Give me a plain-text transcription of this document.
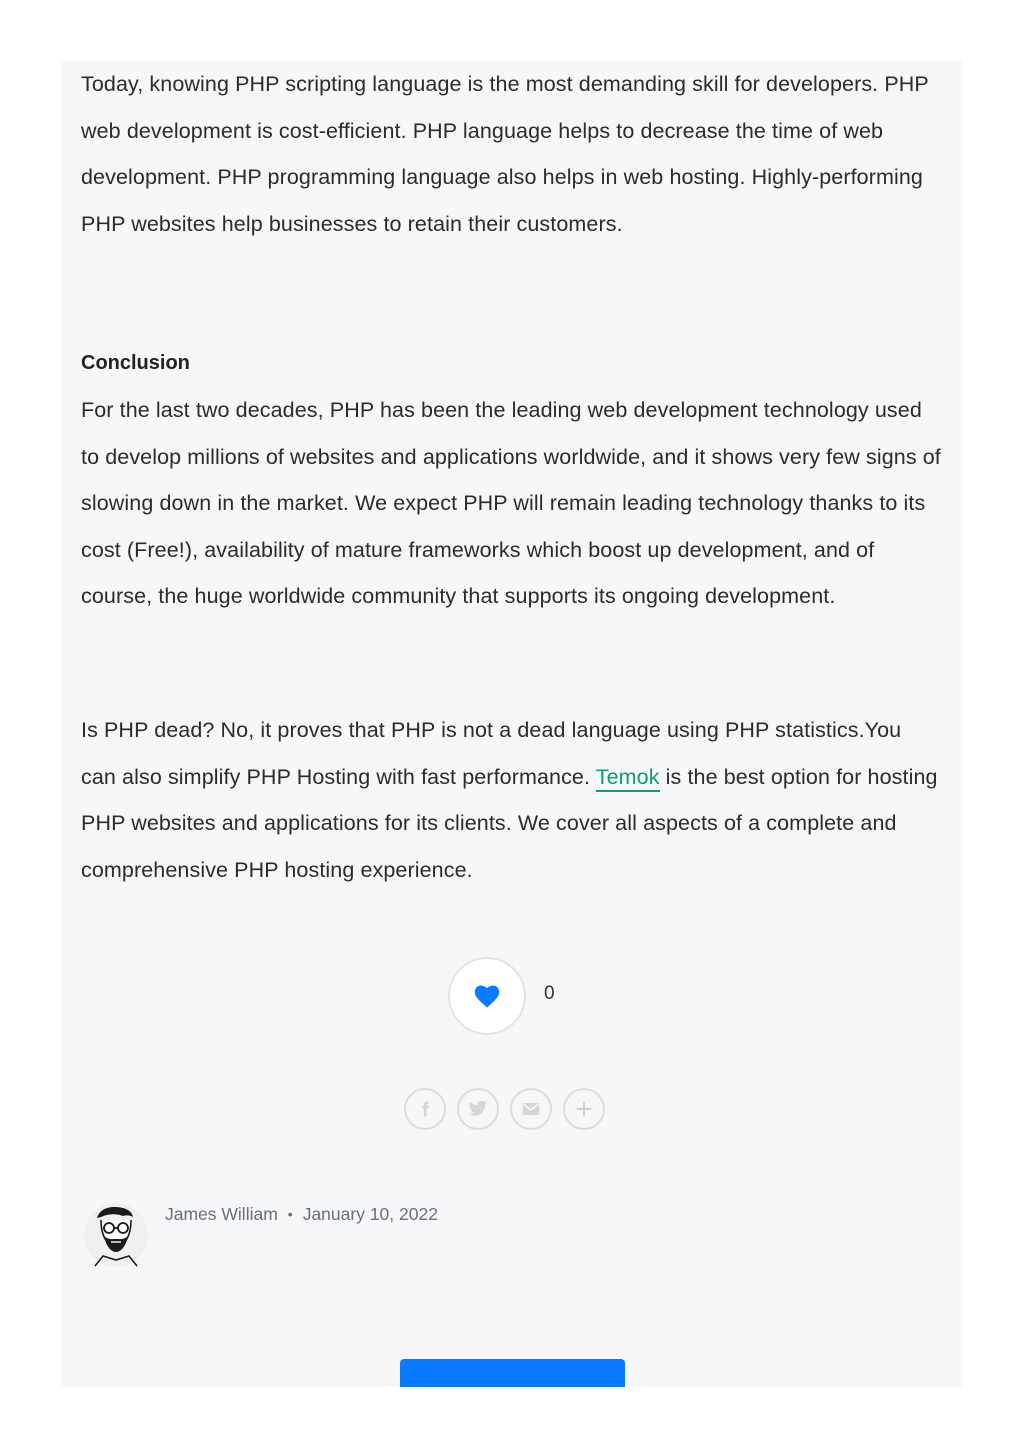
Today, knowing PHP scripting language is the most demanding skill for developers. PHP web development is cost-efficient. PHP language helps to decrease the time of web development. PHP programming language also helps in web hosting. Highly-performing PHP websites help businesses to retain their customers.

Conclusion

For the last two decades, PHP has been the leading web development technology used to develop millions of websites and applications worldwide, and it shows very few signs of slowing down in the market. We expect PHP will remain leading technology thanks to its cost (Free!), availability of mature frameworks which boost up development, and of course, the huge worldwide community that supports its ongoing development.

Is PHP dead? No, it proves that PHP is not a dead language using PHP statistics.You can also simplify PHP Hosting with fast performance. Temok is the best option for hosting PHP websites and applications for its clients. We cover all aspects of a complete and comprehensive PHP hosting experience.

0
James William • January 10, 2022
